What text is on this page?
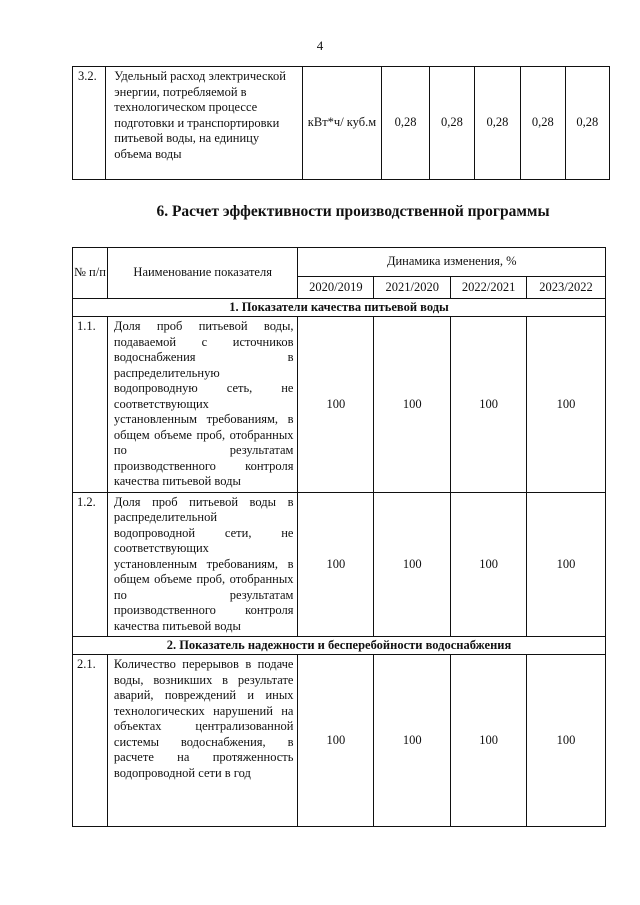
4
3.2.	Удельный расход электрической энергии, потребляемой в технологическом процессе подготовки и транспортировки питьевой воды, на единицу объема воды	кВт*ч/ куб.м	0,28	0,28	0,28	0,28	0,28
6. Расчет эффективности производственной программы
№ п/п	Наименование показателя	Динамика изменения, %			
		2020/2019	2021/2020	2022/2021	2023/2022
1. Показатели качества питьевой воды					
1.1.	Доля проб питьевой воды, подаваемой с источников водоснабжения в распределительную водопроводную сеть, не соответствующих установленным требованиям, в общем объеме проб, отобранных по результатам производственного контроля качества питьевой воды	100	100	100	100
1.2.	Доля проб питьевой воды в распределительной водопроводной сети, не соответствующих установленным требованиям, в общем объеме проб, отобранных по результатам производственного контроля качества питьевой воды	100	100	100	100
2. Показатель надежности и бесперебойности водоснабжения					
2.1.	Количество перерывов в подаче воды, возникших в результате аварий, повреждений и иных технологических нарушений на объектах централизованной системы водоснабжения, в расчете на протяженность водопроводной сети в год	100	100	100	100
